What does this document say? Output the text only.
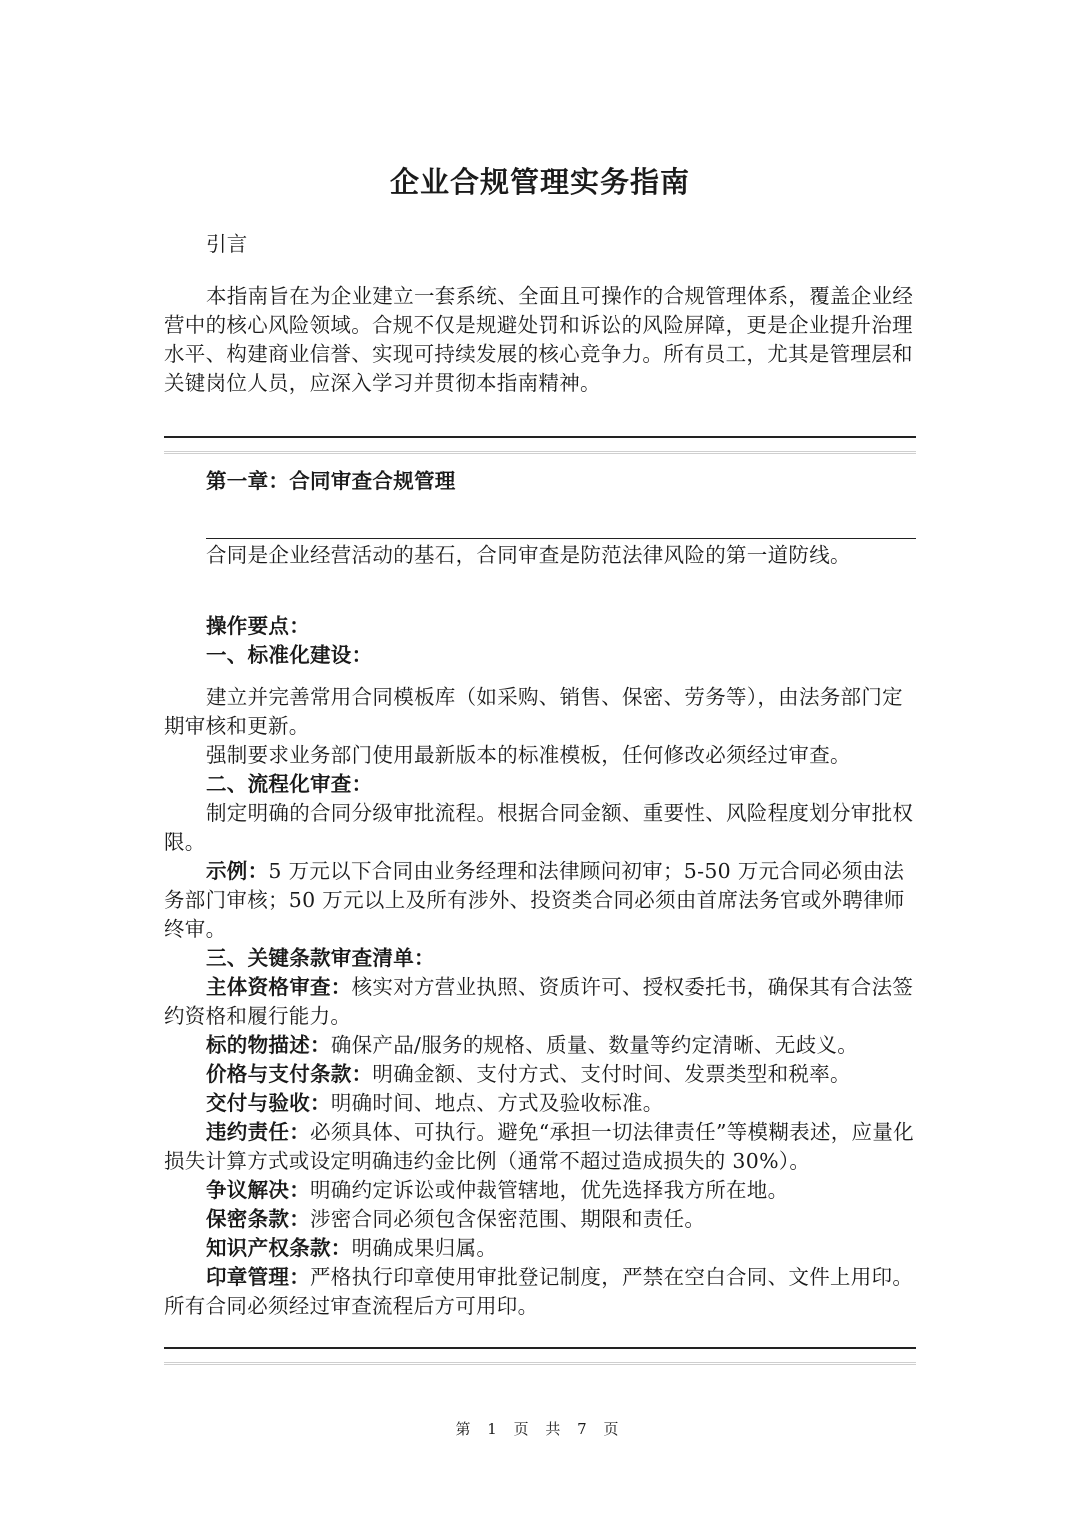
企业合规管理实务指南

引言

本指南旨在为企业建立一套系统、全面且可操作的合规管理体系，覆盖企业经营中的核心风险领域。合规不仅是规避处罚和诉讼的风险屏障，更是企业提升治理水平、构建商业信誉、实现可持续发展的核心竞争力。所有员工，尤其是管理层和关键岗位人员，应深入学习并贯彻本指南精神。

第一章：合同审查合规管理

合同是企业经营活动的基石，合同审查是防范法律风险的第一道防线。

操作要点：

一、标准化建设：

建立并完善常用合同模板库（如采购、销售、保密、劳务等），由法务部门定期审核和更新。

强制要求业务部门使用最新版本的标准模板，任何修改必须经过审查。

二、流程化审查：

制定明确的合同分级审批流程。根据合同金额、重要性、风险程度划分审批权限。

示例：5 万元以下合同由业务经理和法律顾问初审；5-50 万元合同必须由法务部门审核；50 万元以上及所有涉外、投资类合同必须由首席法务官或外聘律师终审。

三、关键条款审查清单：

主体资格审查：核实对方营业执照、资质许可、授权委托书，确保其有合法签约资格和履行能力。

标的物描述：确保产品/服务的规格、质量、数量等约定清晰、无歧义。

价格与支付条款：明确金额、支付方式、支付时间、发票类型和税率。

交付与验收：明确时间、地点、方式及验收标准。

违约责任：必须具体、可执行。避免“承担一切法律责任”等模糊表述，应量化损失计算方式或设定明确违约金比例（通常不超过造成损失的 30%）。

争议解决：明确约定诉讼或仲裁管辖地，优先选择我方所在地。

保密条款：涉密合同必须包含保密范围、期限和责任。

知识产权条款：明确成果归属。

印章管理：严格执行印章使用审批登记制度，严禁在空白合同、文件上用印。所有合同必须经过审查流程后方可用印。

第 1 页 共 7 页
